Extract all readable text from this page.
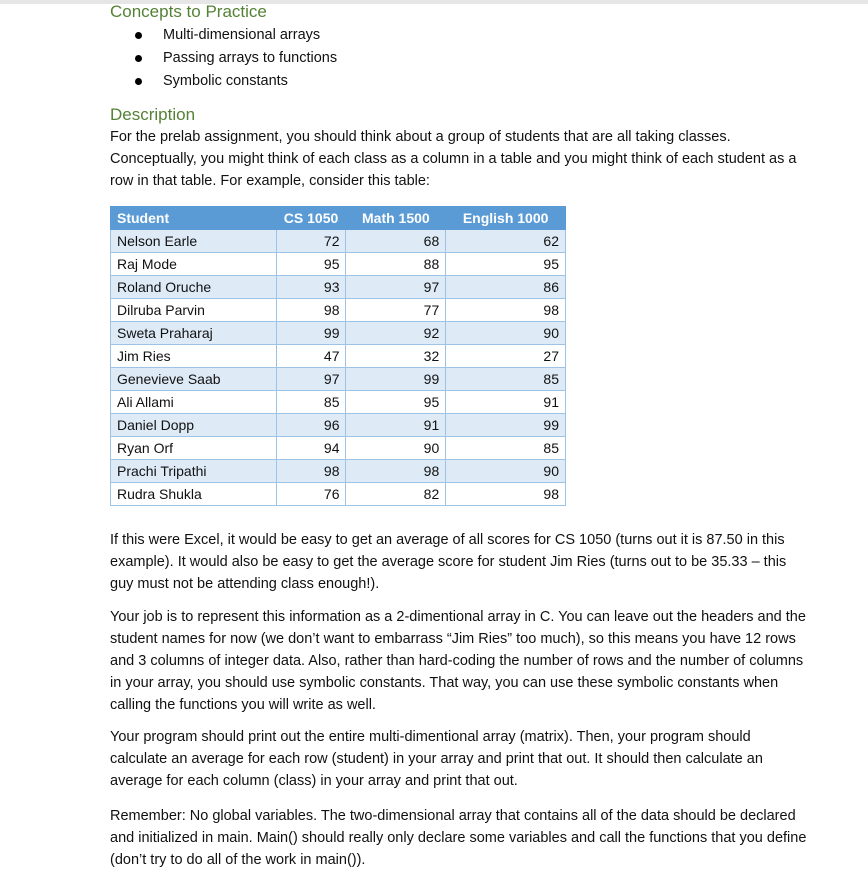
Concepts to Practice
Multi-dimensional arrays
Passing arrays to functions
Symbolic constants
Description

For the prelab assignment, you should think about a group of students that are all taking classes. Conceptually, you might think of each class as a column in a table and you might think of each student as a row in that table. For example, consider this table:

Student	CS 1050	Math 1500	English 1000
Nelson Earle	72	68	62
Raj Mode	95	88	95
Roland Oruche	93	97	86
Dilruba Parvin	98	77	98
Sweta Praharaj	99	92	90
Jim Ries	47	32	27
Genevieve Saab	97	99	85
Ali Allami	85	95	91
Daniel Dopp	96	91	99
Ryan Orf	94	90	85
Prachi Tripathi	98	98	90
Rudra Shukla	76	82	98

If this were Excel, it would be easy to get an average of all scores for CS 1050 (turns out it is 87.50 in this example). It would also be easy to get the average score for student Jim Ries (turns out to be 35.33 – this guy must not be attending class enough!).

Your job is to represent this information as a 2-dimentional array in C. You can leave out the headers and the student names for now (we don’t want to embarrass “Jim Ries” too much), so this means you have 12 rows and 3 columns of integer data. Also, rather than hard-coding the number of rows and the number of columns in your array, you should use symbolic constants. That way, you can use these symbolic constants when calling the functions you will write as well.

Your program should print out the entire multi-dimentional array (matrix). Then, your program should calculate an average for each row (student) in your array and print that out. It should then calculate an average for each column (class) in your array and print that out.

Remember: No global variables. The two-dimensional array that contains all of the data should be declared and initialized in main. Main() should really only declare some variables and call the functions that you define (don’t try to do all of the work in main()).
